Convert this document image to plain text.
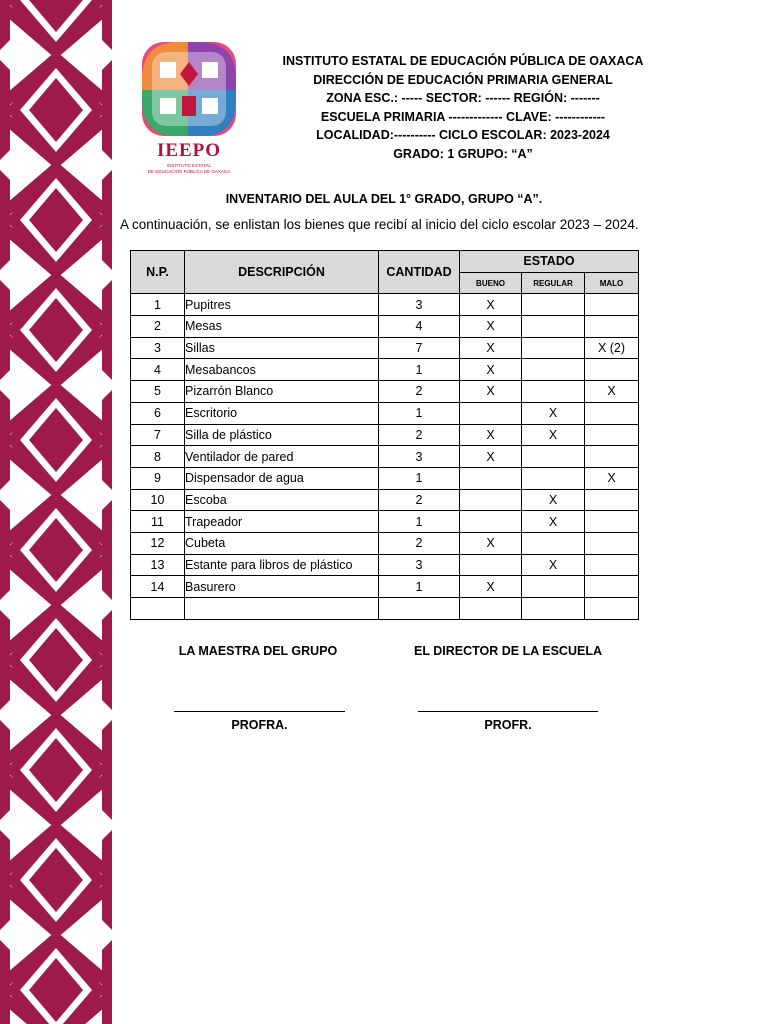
IEEPO
INSTITUTO ESTATAL
DE EDUCACIÓN PÚBLICA DE OAXACA
INSTITUTO ESTATAL DE EDUCACIÓN PÚBLICA DE OAXACA
DIRECCIÓN DE EDUCACIÓN PRIMARIA GENERAL
ZONA ESC.: ----- SECTOR: ------ REGIÓN: -------
ESCUELA PRIMARIA ------------- CLAVE: ------------
LOCALIDAD:---------- CICLO ESCOLAR: 2023-2024
GRADO: 1 GRUPO: “A”
INVENTARIO DEL AULA DEL 1° GRADO, GRUPO “A”.
A continuación, se enlistan los bienes que recibí al inicio del ciclo escolar 2023 – 2024.
N.P.	DESCRIPCIÓN	CANTIDAD	ESTADO		
			BUENO	REGULAR	MALO
1	Pupitres	3	X		
2	Mesas	4	X		
3	Sillas	7	X		X (2)
4	Mesabancos	1	X		
5	Pizarrón Blanco	2	X		X
6	Escritorio	1		X	
7	Silla de plástico	2	X	X	
8	Ventilador de pared	3	X		
9	Dispensador de agua	1			X
10	Escoba	2		X	
11	Trapeador	1		X	
12	Cubeta	2	X		
13	Estante para libros de plástico	3		X	
14	Basurero	1	X		

LA MAESTRA DEL GRUPO	EL DIRECTOR DE LA ESCUELA
PROFRA.	PROFR.
